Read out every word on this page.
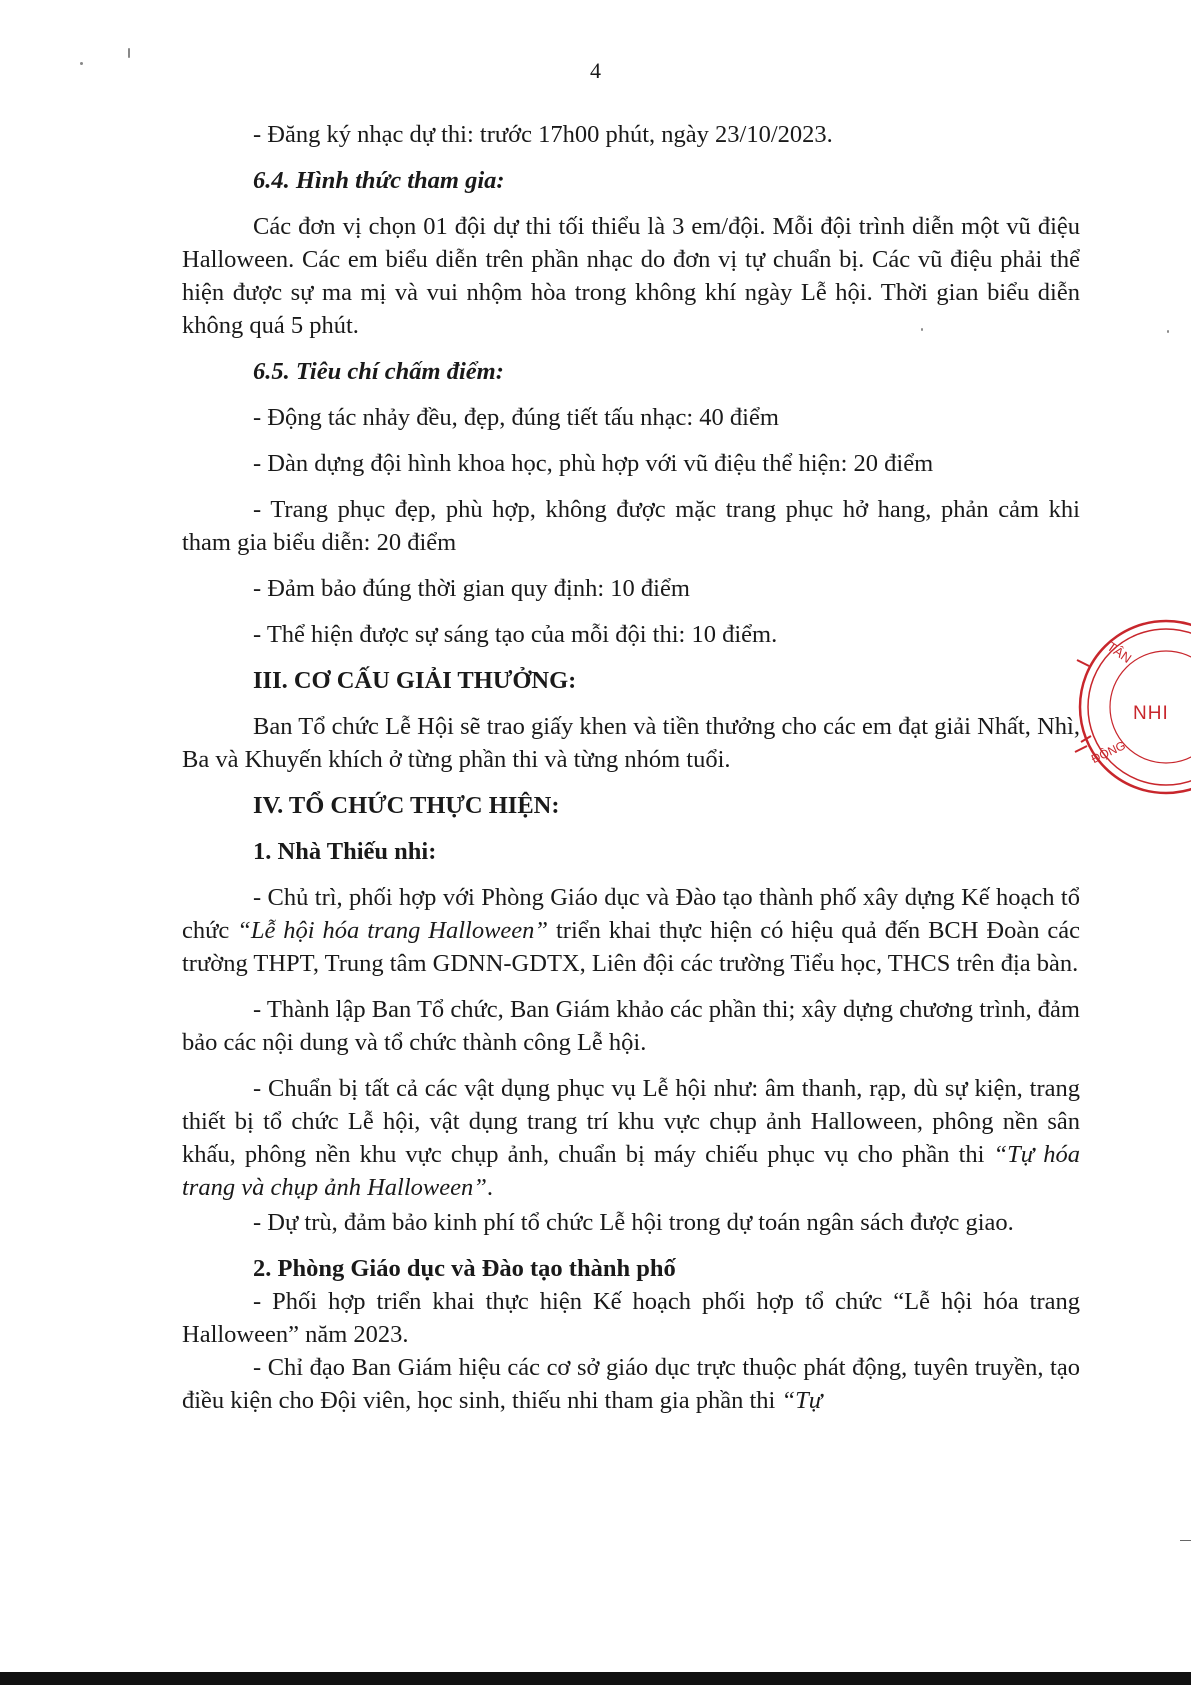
4

- Đăng ký nhạc dự thi: trước 17h00 phút, ngày 23/10/2023.

6.4. Hình thức tham gia:

Các đơn vị chọn 01 đội dự thi tối thiểu là 3 em/đội. Mỗi đội trình diễn một vũ điệu Halloween. Các em biểu diễn trên phần nhạc do đơn vị tự chuẩn bị. Các vũ điệu phải thể hiện được sự ma mị và vui nhộm hòa trong không khí ngày Lễ hội. Thời gian biểu diễn không quá 5 phút.

6.5. Tiêu chí chấm điểm:

- Động tác nhảy đều, đẹp, đúng tiết tấu nhạc: 40 điểm

- Dàn dựng đội hình khoa học, phù hợp với vũ điệu thể hiện: 20 điểm

- Trang phục đẹp, phù hợp, không được mặc trang phục hở hang, phản cảm khi tham gia biểu diễn: 20 điểm

- Đảm bảo đúng thời gian quy định: 10 điểm

- Thể hiện được sự sáng tạo của mỗi đội thi: 10 điểm.

III. CƠ CẤU GIẢI THƯỞNG:

Ban Tổ chức Lễ Hội sẽ trao giấy khen và tiền thưởng cho các em đạt giải Nhất, Nhì, Ba và Khuyến khích ở từng phần thi và từng nhóm tuổi.

IV. TỔ CHỨC THỰC HIỆN:

1. Nhà Thiếu nhi:

- Chủ trì, phối hợp với Phòng Giáo dục và Đào tạo thành phố xây dựng Kế hoạch tổ chức “Lễ hội hóa trang Halloween” triển khai thực hiện có hiệu quả đến BCH Đoàn các trường THPT, Trung tâm GDNN-GDTX, Liên đội các trường Tiểu học, THCS trên địa bàn.

- Thành lập Ban Tổ chức, Ban Giám khảo các phần thi; xây dựng chương trình, đảm bảo các nội dung và tổ chức thành công Lễ hội.

- Chuẩn bị tất cả các vật dụng phục vụ Lễ hội như: âm thanh, rạp, dù sự kiện, trang thiết bị tổ chức Lễ hội, vật dụng trang trí khu vực chụp ảnh Halloween, phông nền sân khấu, phông nền khu vực chụp ảnh, chuẩn bị máy chiếu phục vụ cho phần thi “Tự hóa trang và chụp ảnh Halloween”.

- Dự trù, đảm bảo kinh phí tổ chức Lễ hội trong dự toán ngân sách được giao.

2. Phòng Giáo dục và Đào tạo thành phố

- Phối hợp triển khai thực hiện Kế hoạch phối hợp tổ chức “Lễ hội hóa trang Halloween” năm 2023.

- Chỉ đạo Ban Giám hiệu các cơ sở giáo dục trực thuộc phát động, tuyên truyền, tạo điều kiện cho Đội viên, học sinh, thiếu nhi tham gia phần thi “Tự

TÂN
ĐỘNG
NHI
